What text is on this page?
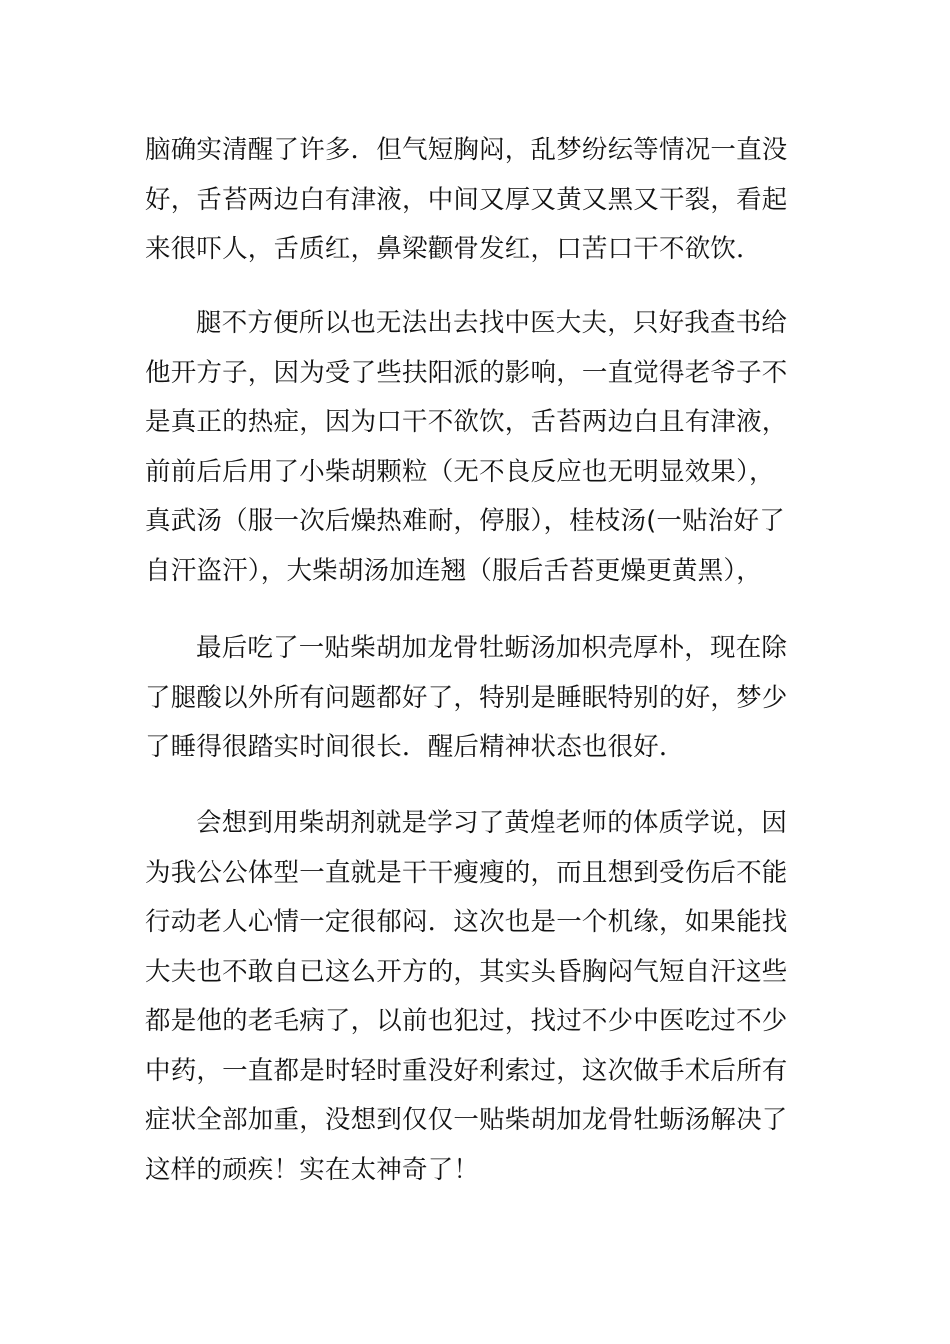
脑确实清醒了许多．但气短胸闷，乱梦纷纭等情况一直没
好，舌苔两边白有津液，中间又厚又黄又黑又干裂，看起
来很吓人，舌质红，鼻梁颧骨发红，口苦口干不欲饮．
腿不方便所以也无法出去找中医大夫，只好我查书给
他开方子，因为受了些扶阳派的影响，一直觉得老爷子不
是真正的热症，因为口干不欲饮，舌苔两边白且有津液，
前前后后用了小柴胡颗粒（无不良反应也无明显效果），
真武汤（服一次后燥热难耐，停服），桂枝汤(一贴治好了
自汗盗汗），大柴胡汤加连翘（服后舌苔更燥更黄黑），
最后吃了一贴柴胡加龙骨牡蛎汤加枳壳厚朴，现在除
了腿酸以外所有问题都好了，特别是睡眠特别的好，梦少
了睡得很踏实时间很长．醒后精神状态也很好．
会想到用柴胡剂就是学习了黄煌老师的体质学说，因
为我公公体型一直就是干干瘦瘦的，而且想到受伤后不能
行动老人心情一定很郁闷．这次也是一个机缘，如果能找
大夫也不敢自已这么开方的，其实头昏胸闷气短自汗这些
都是他的老毛病了，以前也犯过，找过不少中医吃过不少
中药，一直都是时轻时重没好利索过，这次做手术后所有
症状全部加重，没想到仅仅一贴柴胡加龙骨牡蛎汤解决了
这样的顽疾！实在太神奇了！
